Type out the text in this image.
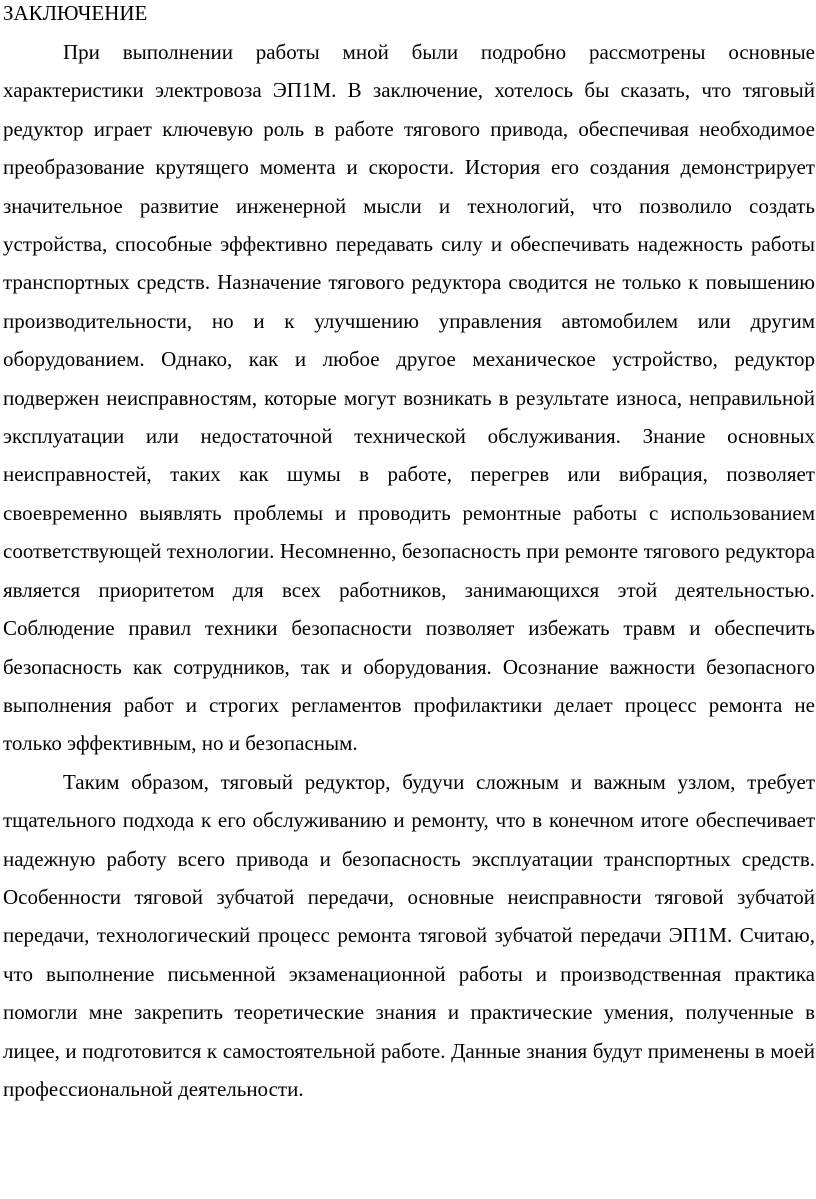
ЗАКЛЮЧЕНИЕ

При выполнении работы мной были подробно рассмотрены основные характеристики электровоза ЭП1М. В заключение, хотелось бы сказать, что тяговый редуктор играет ключевую роль в работе тягового привода, обеспечивая необходимое преобразование крутящего момента и скорости. История его создания демонстрирует значительное развитие инженерной мысли и технологий, что позволило создать устройства, способные эффективно передавать силу и обеспечивать надежность работы транспортных средств. Назначение тягового редуктора сводится не только к повышению производительности, но и к улучшению управления автомобилем или другим оборудованием. Однако, как и любое другое механическое устройство, редуктор подвержен неисправностям, которые могут возникать в результате износа, неправильной эксплуатации или недостаточной технической обслуживания. Знание основных неисправностей, таких как шумы в работе, перегрев или вибрация, позволяет своевременно выявлять проблемы и проводить ремонтные работы с использованием соответствующей технологии. Несомненно, безопасность при ремонте тягового редуктора является приоритетом для всех работников, занимающихся этой деятельностью. Соблюдение правил техники безопасности позволяет избежать травм и обеспечить безопасность как сотрудников, так и оборудования. Осознание важности безопасного выполнения работ и строгих регламентов профилактики делает процесс ремонта не только эффективным, но и безопасным.

Таким образом, тяговый редуктор, будучи сложным и важным узлом, требует тщательного подхода к его обслуживанию и ремонту, что в конечном итоге обеспечивает надежную работу всего привода и безопасность эксплуатации транспортных средств. Особенности тяговой зубчатой передачи, основные неисправности тяговой зубчатой передачи, технологический процесс ремонта тяговой зубчатой передачи ЭП1М. Считаю, что выполнение письменной экзаменационной работы и производственная практика помогли мне закрепить теоретические знания и практические умения, полученные в лицее, и подготовится к самостоятельной работе. Данные знания будут применены в моей профессиональной деятельности.
